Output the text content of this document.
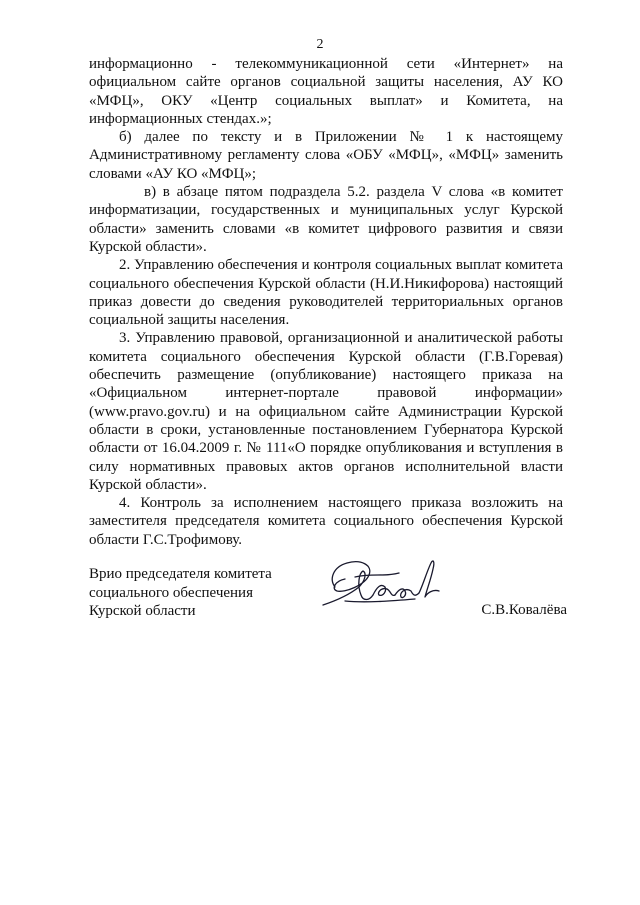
2

информационно - телекоммуникационной сети «Интернет» на официальном сайте органов социальной защиты населения, АУ КО «МФЦ», ОКУ «Центр социальных выплат» и Комитета, на информационных стендах.»;

б) далее по тексту и в Приложении № 1 к настоящему Административному регламенту слова «ОБУ «МФЦ», «МФЦ» заменить словами «АУ КО «МФЦ»;

в) в абзаце пятом подраздела 5.2. раздела V слова «в комитет информатизации, государственных и муниципальных услуг Курской области» заменить словами «в комитет цифрового развития и связи Курской области».

2. Управлению обеспечения и контроля социальных выплат комитета социального обеспечения Курской области (Н.И.Никифорова) настоящий приказ довести до сведения руководителей территориальных органов социальной защиты населения.

3. Управлению правовой, организационной и аналитической работы комитета социального обеспечения Курской области (Г.В.Горевая) обеспечить размещение (опубликование) настоящего приказа на «Официальном интернет-портале правовой информации» (www.pravo.gov.ru) и на официальном сайте Администрации Курской области в сроки, установленные постановлением Губернатора Курской области от 16.04.2009 г. № 111«О порядке опубликования и вступления в силу нормативных правовых актов органов исполнительной власти Курской области».

4. Контроль за исполнением настоящего приказа возложить на заместителя председателя комитета социального обеспечения Курской области Г.С.Трофимову.

Врио председателя комитета
социального обеспечения
Курской области	С.В.Ковалёва
